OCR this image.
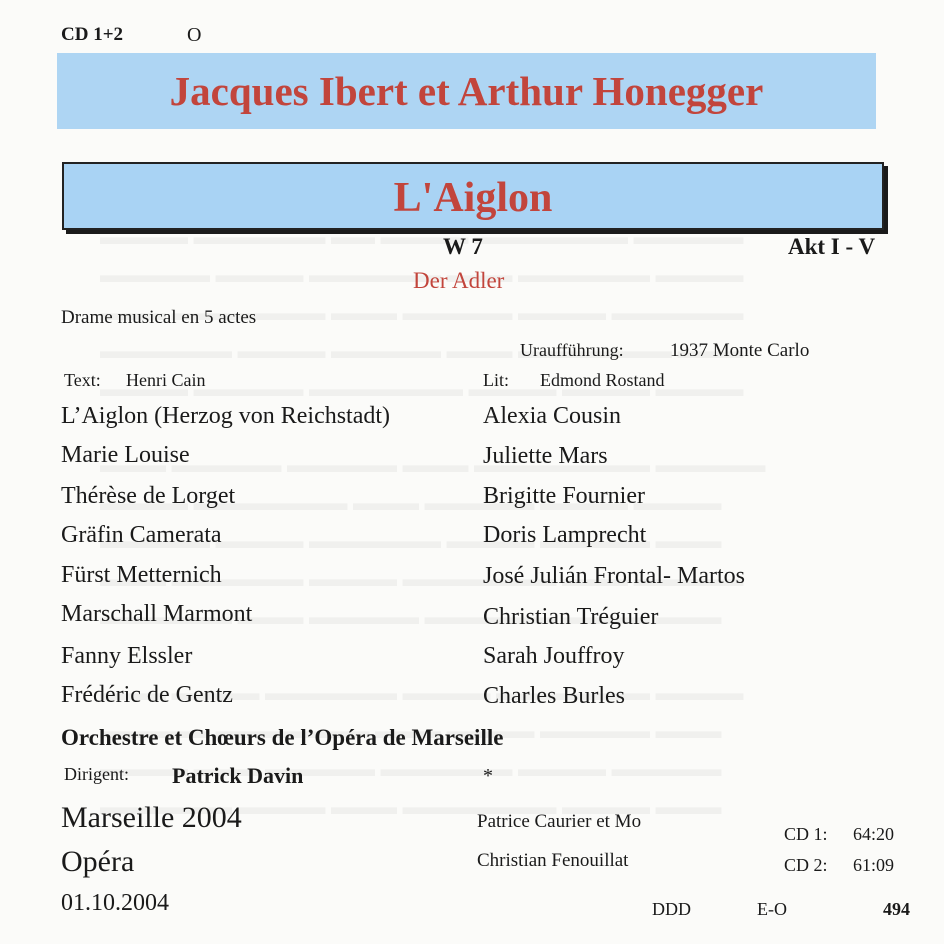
CD 1+2	O
Jacques Ibert et Arthur Honegger
L'Aiglon
W 7	Akt I - V
Der Adler
Drame musical en 5 actes
Uraufführung: 1937 Monte Carlo
Text: Henri Cain	Lit: Edmond Rostand
L’Aiglon (Herzog von Reichstadt)	Alexia Cousin
Marie Louise	Juliette Mars
Thérèse de Lorget	Brigitte Fournier
Gräfin Camerata	Doris Lamprecht
Fürst Metternich	José Julián Frontal- Martos
Marschall Marmont	Christian Tréguier
Fanny Elssler	Sarah Jouffroy
Frédéric de Gentz	Charles Burles
Orchestre et Chœurs de l’Opéra de Marseille
Dirigent: Patrick Davin	*
Marseille 2004	Patrice Caurier et Mo
CD 1: 64:20
Opéra	Christian Fenouillat	CD 2: 61:09
01.10.2004	DDD	E-O	494
